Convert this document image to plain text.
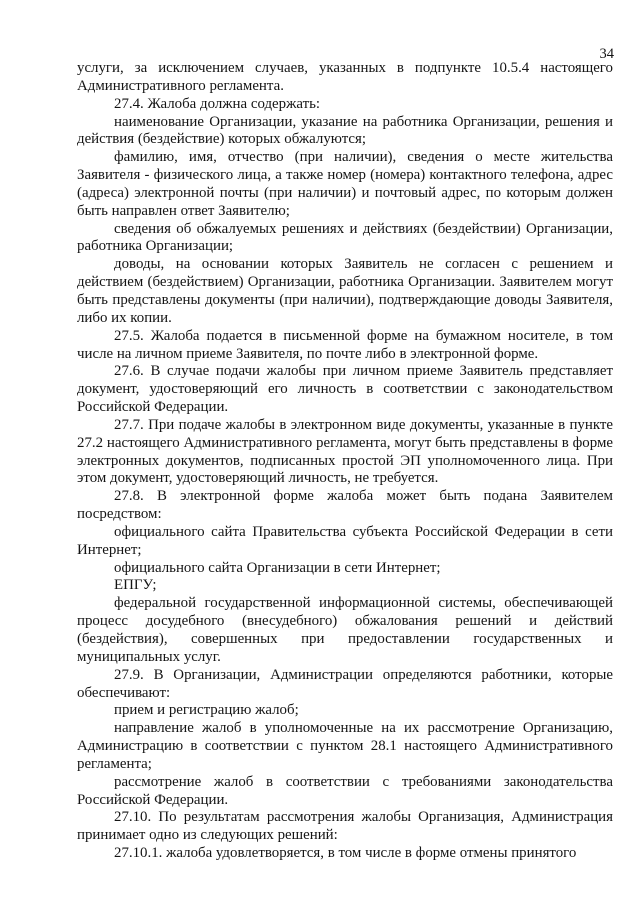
34

услуги, за исключением случаев, указанных в подпункте 10.5.4 настоящего Административного регламента.

27.4. Жалоба должна содержать:

наименование Организации, указание на работника Организации, решения и действия (бездействие) которых обжалуются;

фамилию, имя, отчество (при наличии), сведения о месте жительства Заявителя - физического лица, а также номер (номера) контактного телефона, адрес (адреса) электронной почты (при наличии) и почтовый адрес, по которым должен быть направлен ответ Заявителю;

сведения об обжалуемых решениях и действиях (бездействии) Организации, работника Организации;

доводы, на основании которых Заявитель не согласен с решением и действием (бездействием) Организации, работника Организации. Заявителем могут быть представлены документы (при наличии), подтверждающие доводы Заявителя, либо их копии.

27.5. Жалоба подается в письменной форме на бумажном носителе, в том числе на личном приеме Заявителя, по почте либо в электронной форме.

27.6. В случае подачи жалобы при личном приеме Заявитель представляет документ, удостоверяющий его личность в соответствии с законодательством Российской Федерации.

27.7. При подаче жалобы в электронном виде документы, указанные в пункте 27.2 настоящего Административного регламента, могут быть представлены в форме электронных документов, подписанных простой ЭП уполномоченного лица. При этом документ, удостоверяющий личность, не требуется.

27.8. В электронной форме жалоба может быть подана Заявителем посредством:

официального сайта Правительства субъекта Российской Федерации в сети Интернет;

официального сайта Организации в сети Интернет;

ЕПГУ;

федеральной государственной информационной системы, обеспечивающей процесс досудебного (внесудебного) обжалования решений и действий (бездействия), совершенных при предоставлении государственных и муниципальных услуг.

27.9. В Организации, Администрации определяются работники, которые обеспечивают:

прием и регистрацию жалоб;

направление жалоб в уполномоченные на их рассмотрение Организацию, Администрацию в соответствии с пунктом 28.1 настоящего Административного регламента;

рассмотрение жалоб в соответствии с требованиями законодательства Российской Федерации.

27.10. По результатам рассмотрения жалобы Организация, Администрация принимает одно из следующих решений:

27.10.1. жалоба удовлетворяется, в том числе в форме отмены принятого
